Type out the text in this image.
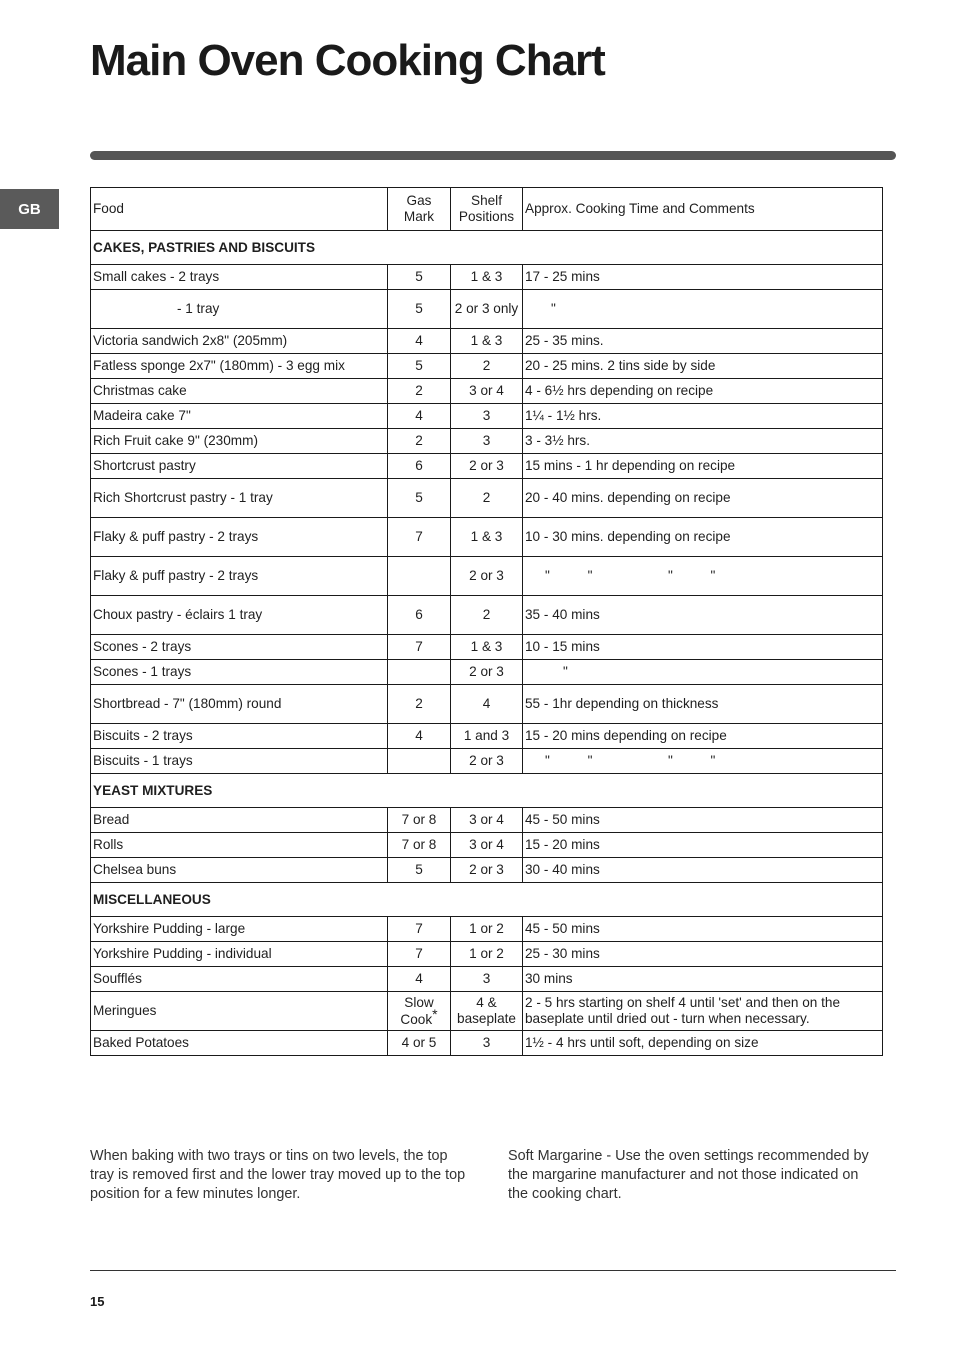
Main Oven Cooking Chart
GB	Food	Gas Mark	Shelf Positions	Approx. Cooking Time and Comments
CAKES, PASTRIES AND BISCUITS			
Small cakes - 2 trays	5	1 & 3	17 - 25 mins
- 1 tray	5	2 or 3 only	"
Victoria sandwich 2x8" (205mm)	4	1 & 3	25 - 35 mins.
Fatless sponge 2x7" (180mm) - 3 egg mix	5	2	20 - 25 mins. 2 tins side by side
Christmas cake	2	3 or 4	4 - 6½ hrs depending on recipe
Madeira cake 7"	4	3	1¼ - 1½ hrs.
Rich Fruit cake 9" (230mm)	2	3	3 - 3½ hrs.
Shortcrust pastry	6	2 or 3	15 mins - 1 hr depending on recipe
Rich Shortcrust pastry - 1 tray	5	2	20 - 40 mins. depending on recipe
Flaky & puff pastry - 2 trays	7	1 & 3	10 - 30 mins. depending on recipe
Flaky & puff pastry - 2 trays		2 or 3	"          "                    "          "
Choux pastry - éclairs 1 tray	6	2	35 - 40 mins
Scones - 2 trays	7	1 & 3	10 - 15 mins
Scones - 1 trays		2 or 3	"
Shortbread - 7" (180mm) round	2	4	55 - 1hr depending on thickness
Biscuits - 2 trays	4	1 and 3	15 - 20 mins depending on recipe
Biscuits - 1 trays		2 or 3	"          "                    "          "
YEAST MIXTURES			
Bread	7 or 8	3 or 4	45 - 50 mins
Rolls	7 or 8	3 or 4	15 - 20 mins
Chelsea buns	5	2 or 3	30 - 40 mins
MISCELLANEOUS			
Yorkshire Pudding - large	7	1 or 2	45 - 50 mins
Yorkshire Pudding - individual	7	1 or 2	25 - 30 mins
Soufflés	4	3	30 mins
Meringues	Slow Cook*	4 & baseplate	2 - 5 hrs starting on shelf 4 until 'set' and then on the baseplate until dried out - turn when necessary.
Baked Potatoes	4 or 5	3	1½ - 4 hrs until soft, depending on size
When baking with two trays or tins on two levels, the top tray is removed first and the lower tray moved up to the top position for a few minutes longer.
Soft Margarine - Use the oven settings recommended by the margarine manufacturer and not those indicated on the cooking chart.
15
